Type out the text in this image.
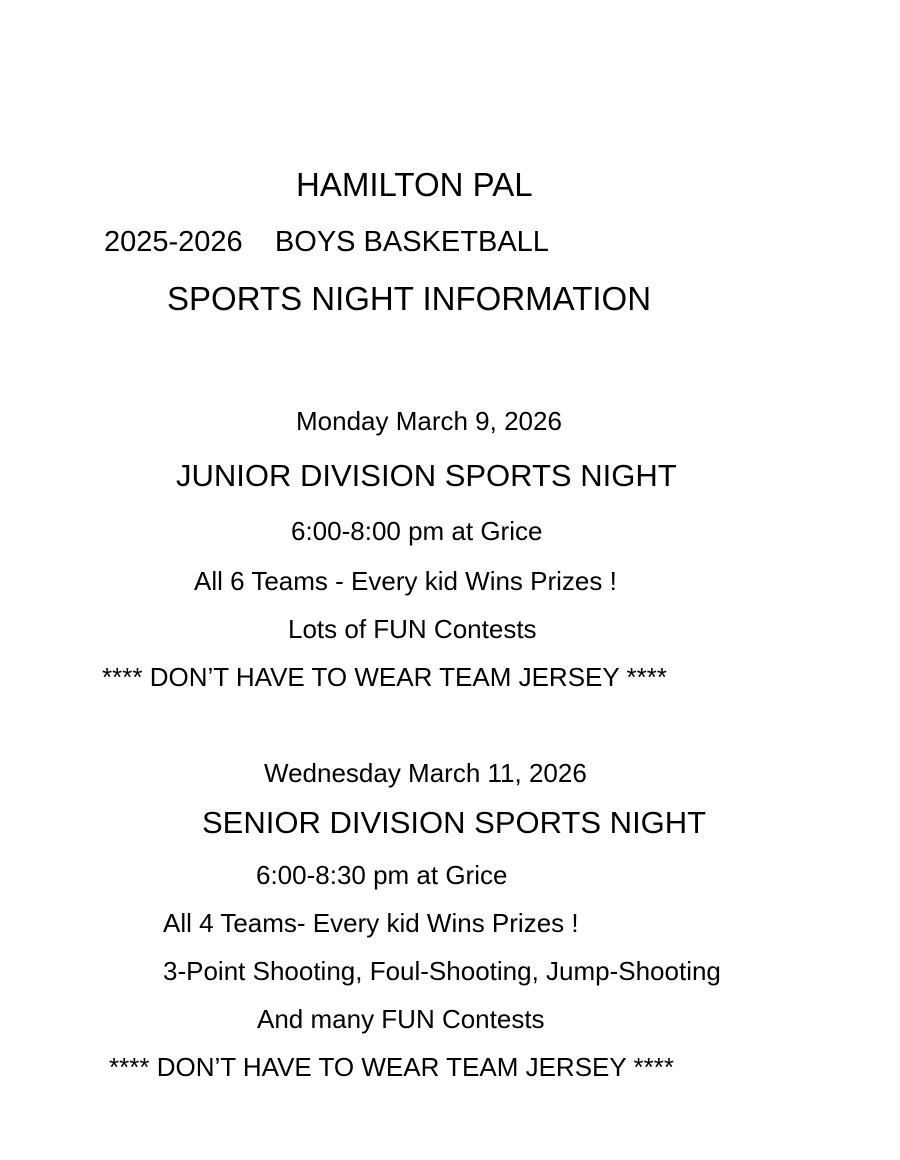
HAMILTON PAL
2025-2026    BOYS BASKETBALL
SPORTS NIGHT INFORMATION
Monday March 9, 2026
JUNIOR DIVISION SPORTS NIGHT
6:00-8:00 pm at Grice
All 6 Teams - Every kid Wins Prizes !
Lots of FUN Contests
**** DON’T HAVE TO WEAR TEAM JERSEY ****
Wednesday March 11, 2026
SENIOR DIVISION SPORTS NIGHT
6:00-8:30 pm at Grice
All 4 Teams- Every kid Wins Prizes !
3-Point Shooting, Foul-Shooting, Jump-Shooting
And many FUN Contests
**** DON’T HAVE TO WEAR TEAM JERSEY ****
